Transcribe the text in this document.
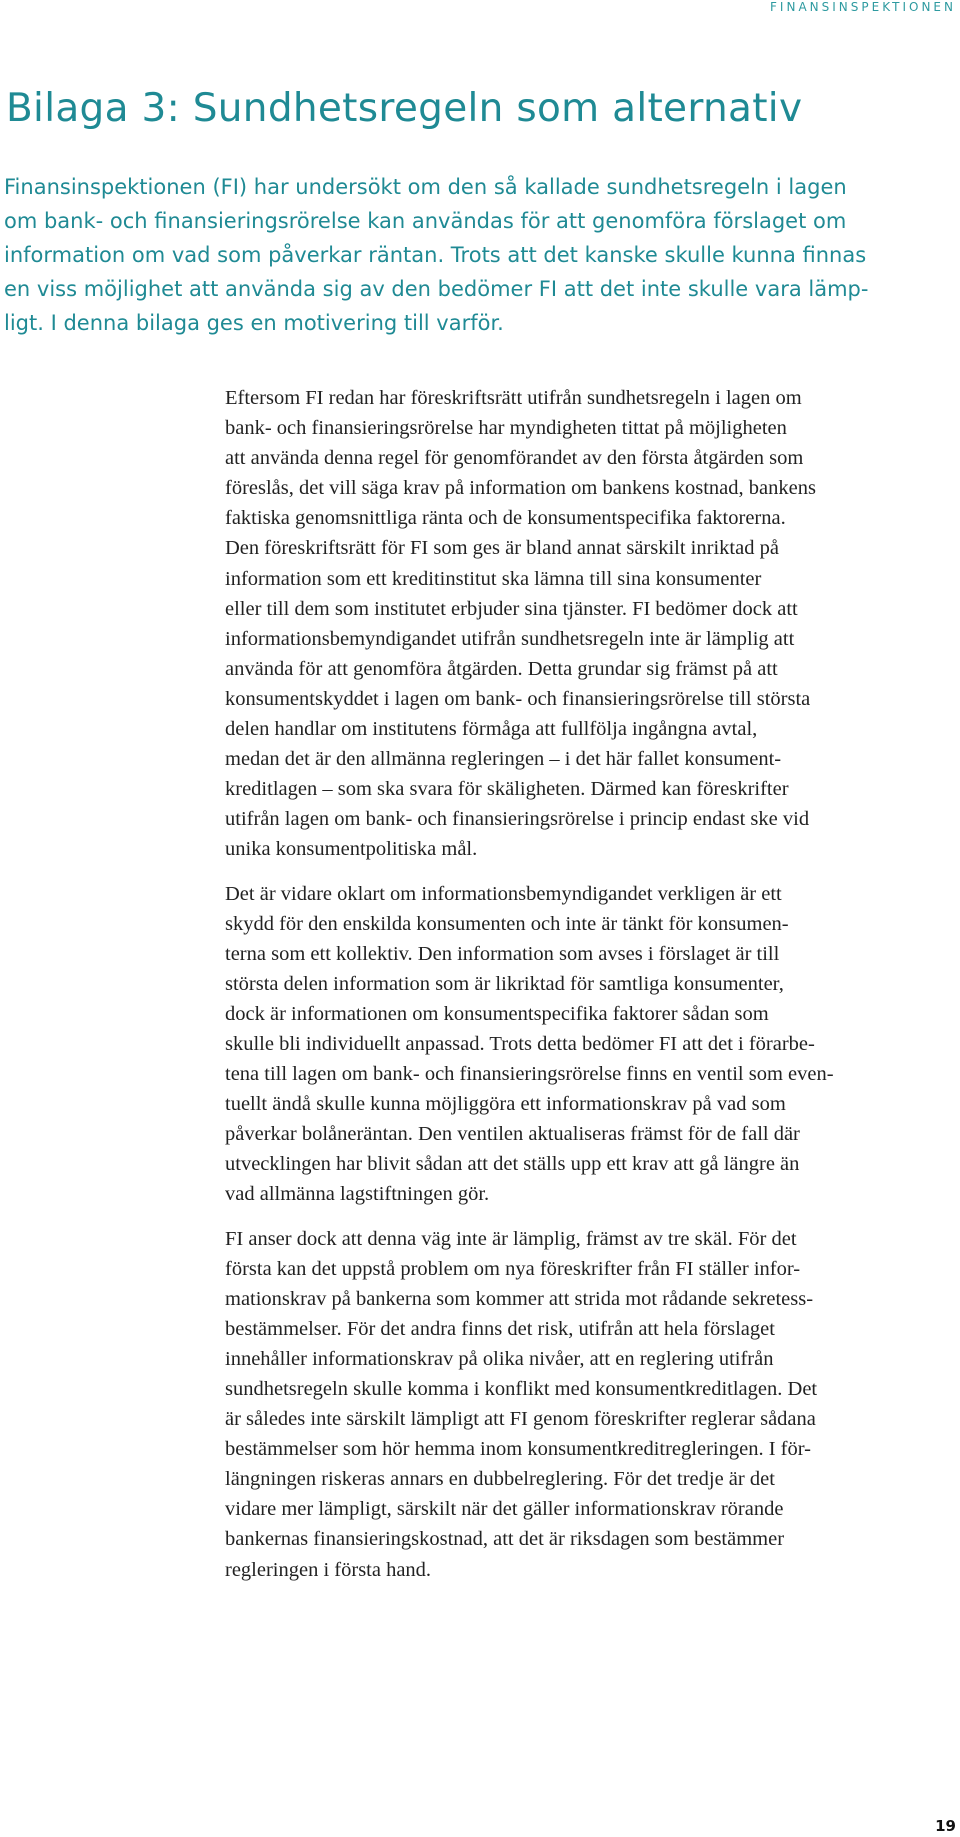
FINANSINSPEKTIONEN
Bilaga 3: Sundhetsregeln som alternativ
Finansinspektionen (FI) har undersökt om den så kallade sundhetsregeln i lagen
om bank- och finansieringsrörelse kan användas för att genomföra förslaget om
information om vad som påverkar räntan. Trots att det kanske skulle kunna finnas
en viss möjlighet att använda sig av den bedömer FI att det inte skulle vara lämp-
ligt. I denna bilaga ges en motivering till varför.
Eftersom FI redan har föreskriftsrätt utifrån sundhetsregeln i lagen om
bank- och finansieringsrörelse har myndigheten tittat på möjligheten
att använda denna regel för genomförandet av den första åtgärden som
föreslås, det vill säga krav på information om bankens kostnad, bankens
faktiska genomsnittliga ränta och de konsumentspecifika faktorerna.
Den föreskriftsrätt för FI som ges är bland annat särskilt inriktad på
information som ett kreditinstitut ska lämna till sina konsumenter
eller till dem som institutet erbjuder sina tjänster. FI bedömer dock att
informationsbemyndigandet utifrån sundhetsregeln inte är lämplig att
använda för att genomföra åtgärden. Detta grundar sig främst på att
konsumentskyddet i lagen om bank- och finansieringsrörelse till största
delen handlar om institutens förmåga att fullfölja ingångna avtal,
medan det är den allmänna regleringen – i det här fallet konsument-
kreditlagen – som ska svara för skäligheten. Därmed kan föreskrifter
utifrån lagen om bank- och finansieringsrörelse i princip endast ske vid
unika konsumentpolitiska mål.
Det är vidare oklart om informationsbemyndigandet verkligen är ett
skydd för den enskilda konsumenten och inte är tänkt för konsumen-
terna som ett kollektiv. Den information som avses i förslaget är till
största delen information som är likriktad för samtliga konsumenter,
dock är informationen om konsumentspecifika faktorer sådan som
skulle bli individuellt anpassad. Trots detta bedömer FI att det i förarbe-
tena till lagen om bank- och finansieringsrörelse finns en ventil som even-
tuellt ändå skulle kunna möjliggöra ett informationskrav på vad som
påverkar bolåneräntan. Den ventilen aktualiseras främst för de fall där
utvecklingen har blivit sådan att det ställs upp ett krav att gå längre än
vad allmänna lagstiftningen gör.
FI anser dock att denna väg inte är lämplig, främst av tre skäl. För det
första kan det uppstå problem om nya föreskrifter från FI ställer infor-
mationskrav på bankerna som kommer att strida mot rådande sekretess-
bestämmelser. För det andra finns det risk, utifrån att hela förslaget
innehåller informationskrav på olika nivåer, att en reglering utifrån
sundhetsregeln skulle komma i konflikt med konsumentkreditlagen. Det
är således inte särskilt lämpligt att FI genom föreskrifter reglerar sådana
bestämmelser som hör hemma inom konsumentkreditregleringen. I för-
längningen riskeras annars en dubbelreglering. För det tredje är det
vidare mer lämpligt, särskilt när det gäller informationskrav rörande
bankernas finansieringskostnad, att det är riksdagen som bestämmer
regleringen i första hand.
19
